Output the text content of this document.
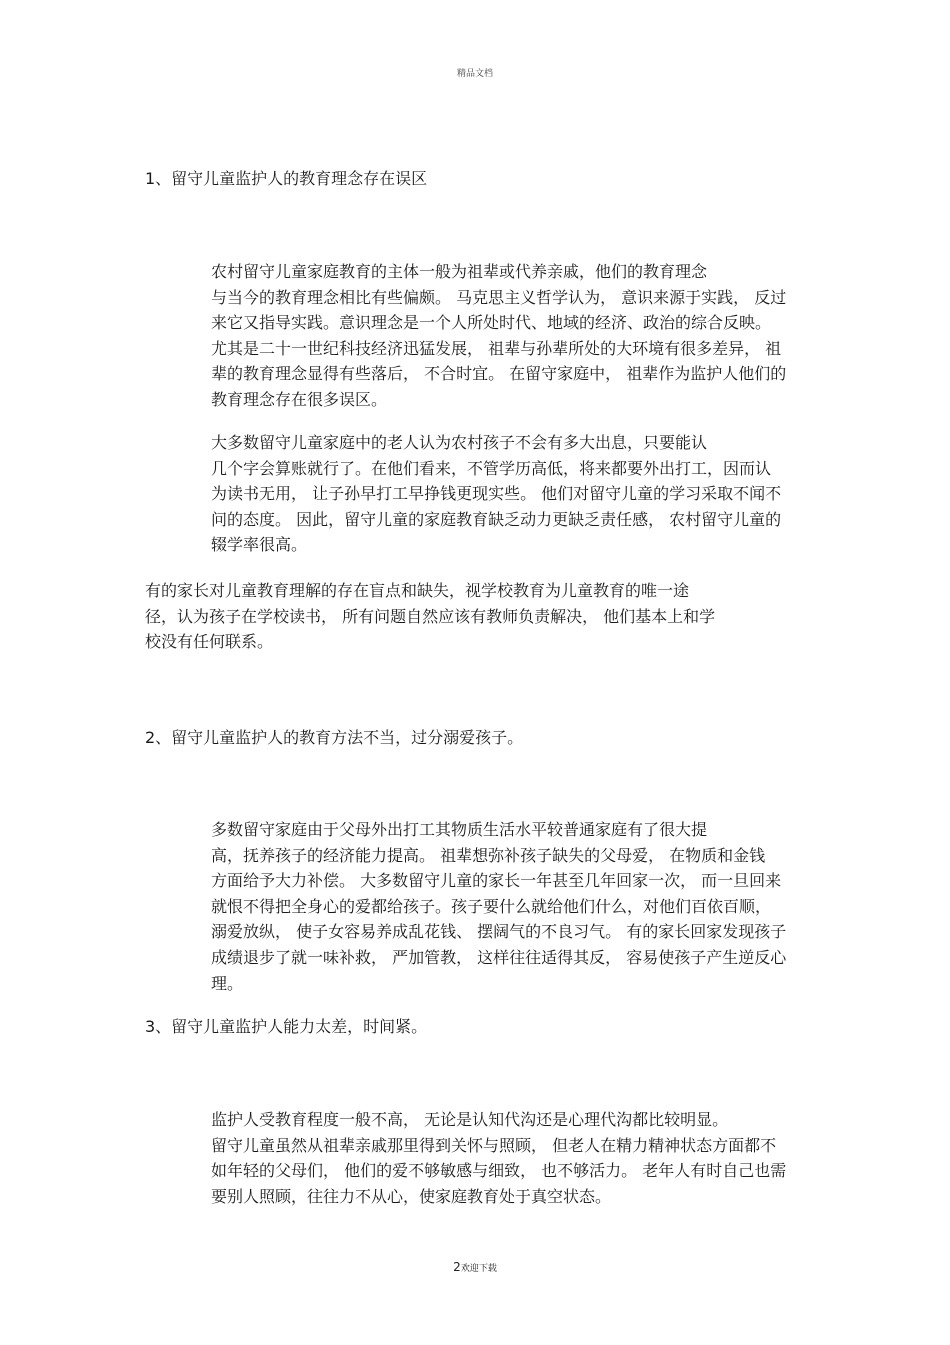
精品文档
1、留守儿童监护人的教育理念存在误区
农村留守儿童家庭教育的主体一般为祖辈或代养亲戚，他们的教育理念
与当今的教育理念相比有些偏颇。 马克思主义哲学认为， 意识来源于实践， 反过
来它又指导实践。意识理念是一个人所处时代、地域的经济、政治的综合反映。
尤其是二十一世纪科技经济迅猛发展， 祖辈与孙辈所处的大环境有很多差异， 祖
辈的教育理念显得有些落后， 不合时宜。 在留守家庭中， 祖辈作为监护人他们的
教育理念存在很多误区。
大多数留守儿童家庭中的老人认为农村孩子不会有多大出息，只要能认
几个字会算账就行了。在他们看来，不管学历高低，将来都要外出打工，因而认
为读书无用， 让子孙早打工早挣钱更现实些。 他们对留守儿童的学习采取不闻不
问的态度。 因此，留守儿童的家庭教育缺乏动力更缺乏责任感， 农村留守儿童的
辍学率很高。
有的家长对儿童教育理解的存在盲点和缺失，视学校教育为儿童教育的唯一途
径，认为孩子在学校读书， 所有问题自然应该有教师负责解决， 他们基本上和学
校没有任何联系。
2、留守儿童监护人的教育方法不当，过分溺爱孩子。
多数留守家庭由于父母外出打工其物质生活水平较普通家庭有了很大提
高，抚养孩子的经济能力提高。 祖辈想弥补孩子缺失的父母爱， 在物质和金钱
方面给予大力补偿。 大多数留守儿童的家长一年甚至几年回家一次， 而一旦回来
就恨不得把全身心的爱都给孩子。孩子要什么就给他们什么，对他们百依百顺，
溺爱放纵， 使子女容易养成乱花钱、 摆阔气的不良习气。 有的家长回家发现孩子
成绩退步了就一味补救， 严加管教， 这样往往适得其反， 容易使孩子产生逆反心
理。
3、留守儿童监护人能力太差，时间紧。
监护人受教育程度一般不高， 无论是认知代沟还是心理代沟都比较明显。
留守儿童虽然从祖辈亲戚那里得到关怀与照顾， 但老人在精力精神状态方面都不
如年轻的父母们， 他们的爱不够敏感与细致， 也不够活力。 老年人有时自己也需
要别人照顾，往往力不从心，使家庭教育处于真空状态。
2欢迎下载
